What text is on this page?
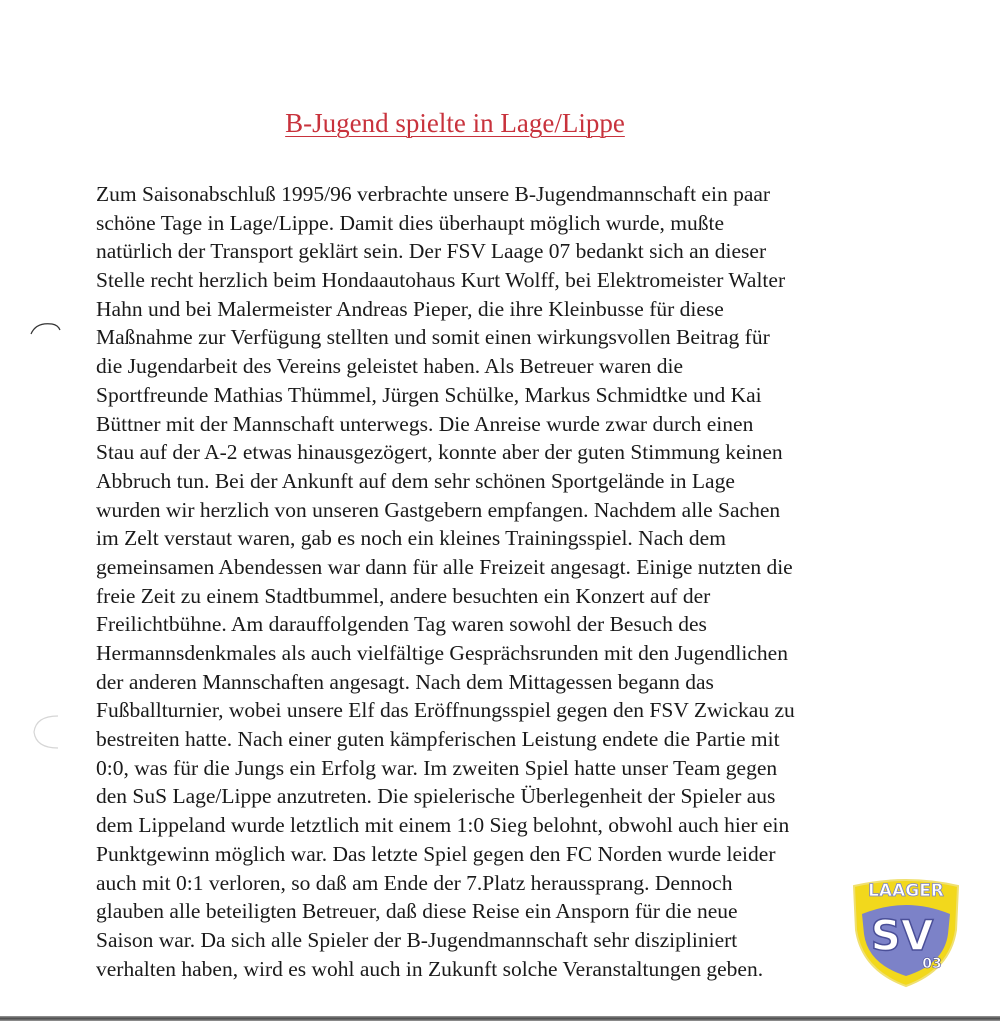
B-Jugend spielte in Lage/Lippe
Zum Saisonabschluß 1995/96 verbrachte unsere B-Jugendmannschaft ein paar
schöne Tage in Lage/Lippe. Damit dies überhaupt möglich wurde, mußte
natürlich der Transport geklärt sein. Der FSV Laage 07 bedankt sich an dieser
Stelle recht herzlich beim Hondaautohaus Kurt Wolff, bei Elektromeister Walter
Hahn und bei Malermeister Andreas Pieper, die ihre Kleinbusse für diese
Maßnahme zur Verfügung stellten und somit einen wirkungsvollen Beitrag für
die Jugendarbeit des Vereins geleistet haben. Als Betreuer waren die
Sportfreunde Mathias Thümmel, Jürgen Schülke, Markus Schmidtke und Kai
Büttner mit der Mannschaft unterwegs. Die Anreise wurde zwar durch einen
Stau auf der A-2 etwas hinausgezögert, konnte aber der guten Stimmung keinen
Abbruch tun. Bei der Ankunft auf dem sehr schönen Sportgelände in Lage
wurden wir herzlich von unseren Gastgebern empfangen. Nachdem alle Sachen
im Zelt verstaut waren, gab es noch ein kleines Trainingsspiel. Nach dem
gemeinsamen Abendessen war dann für alle Freizeit angesagt. Einige nutzten die
freie Zeit zu einem Stadtbummel, andere besuchten ein Konzert auf der
Freilichtbühne. Am darauffolgenden Tag waren sowohl der Besuch des
Hermannsdenkmales als auch vielfältige Gesprächsrunden mit den Jugendlichen
der anderen Mannschaften angesagt. Nach dem Mittagessen begann das
Fußballturnier, wobei unsere Elf das Eröffnungsspiel gegen den FSV Zwickau zu
bestreiten hatte. Nach einer guten kämpferischen Leistung endete die Partie mit
0:0, was für die Jungs ein Erfolg war. Im zweiten Spiel hatte unser Team gegen
den SuS Lage/Lippe anzutreten. Die spielerische Überlegenheit der Spieler aus
dem Lippeland wurde letztlich mit einem 1:0 Sieg belohnt, obwohl auch hier ein
Punktgewinn möglich war. Das letzte Spiel gegen den FC Norden wurde leider
auch mit 0:1 verloren, so daß am Ende der 7.Platz heraussprang. Dennoch
glauben alle beteiligten Betreuer, daß diese Reise ein Ansporn für die neue
Saison war. Da sich alle Spieler der B-Jugendmannschaft sehr diszipliniert
verhalten haben, wird es wohl auch in Zukunft solche Veranstaltungen geben.
LAAGER
SV
03
